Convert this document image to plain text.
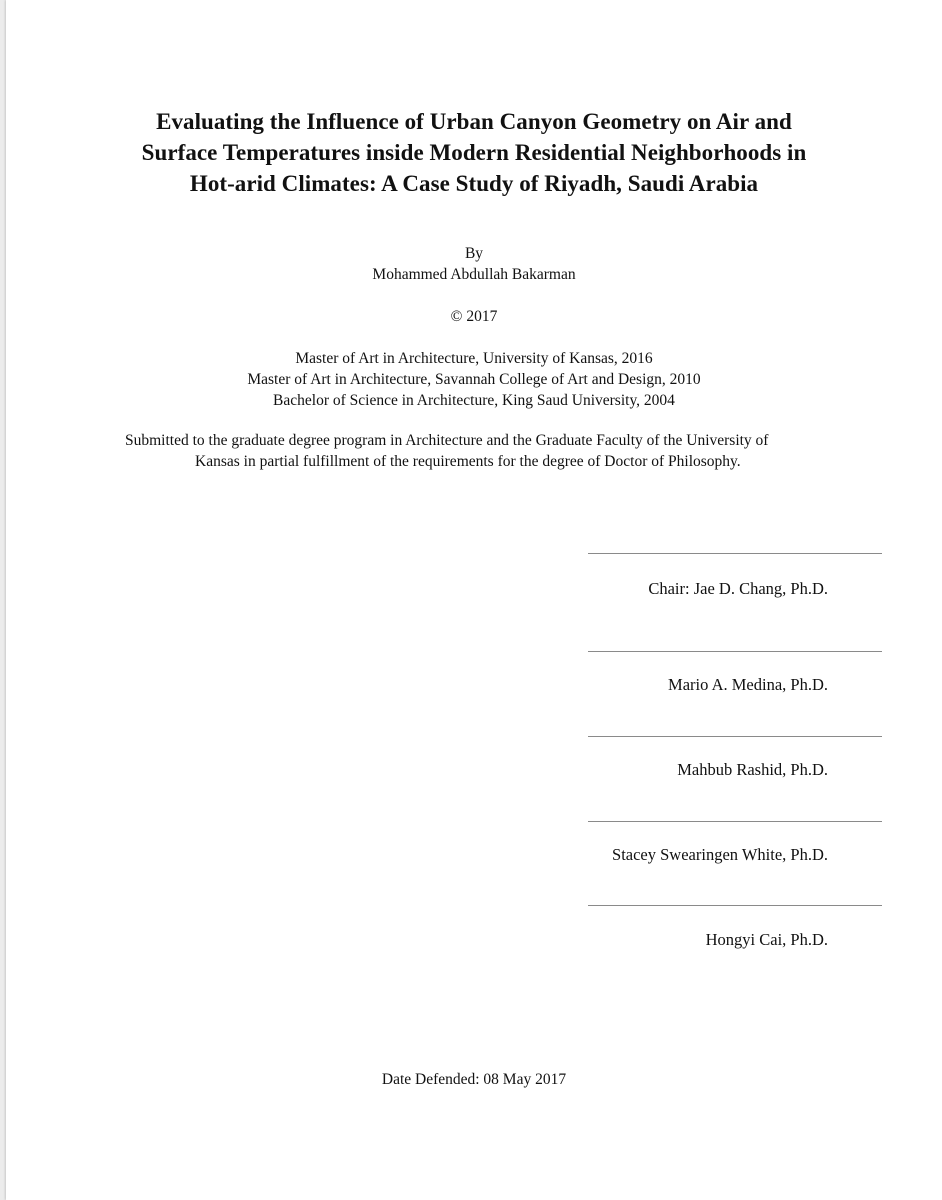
Evaluating the Influence of Urban Canyon Geometry on Air and
Surface Temperatures inside Modern Residential Neighborhoods in
Hot-arid Climates: A Case Study of Riyadh, Saudi Arabia
By
Mohammed Abdullah Bakarman
© 2017
Master of Art in Architecture, University of Kansas, 2016
Master of Art in Architecture, Savannah College of Art and Design, 2010
Bachelor of Science in Architecture, King Saud University, 2004
Submitted to the graduate degree program in Architecture and the Graduate Faculty of the University of
Kansas in partial fulfillment of the requirements for the degree of Doctor of Philosophy.
Chair: Jae D. Chang, Ph.D.
Mario A. Medina, Ph.D.
Mahbub Rashid, Ph.D.
Stacey Swearingen White, Ph.D.
Hongyi Cai, Ph.D.
Date Defended: 08 May 2017
